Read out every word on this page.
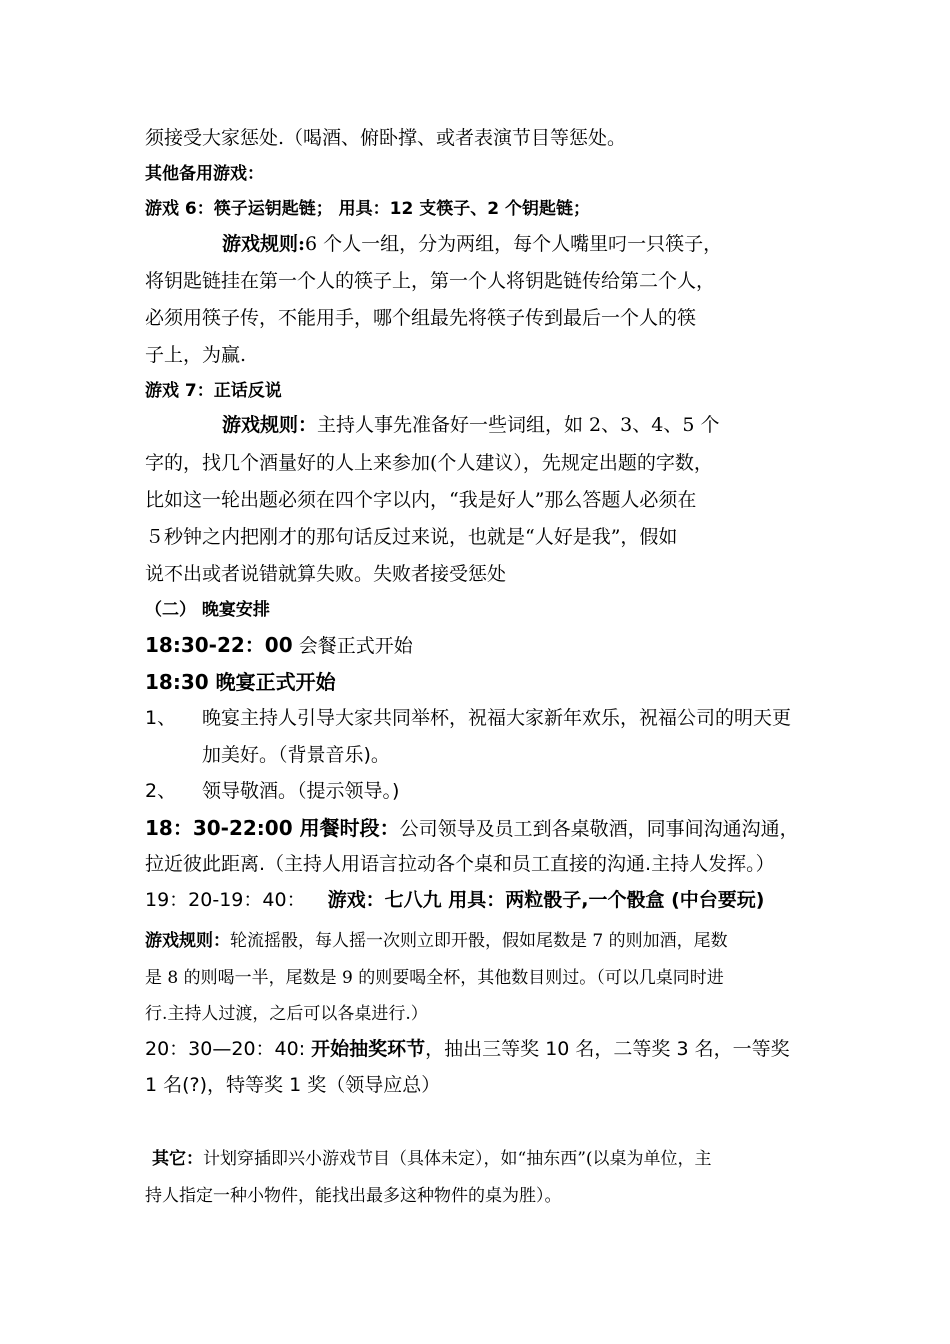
须接受大家惩处.（喝酒、俯卧撑、或者表演节目等惩处。
其他备用游戏：
游戏 6：筷子运钥匙链； 用具：12 支筷子、2 个钥匙链；
游戏规则:6 个人一组，分为两组，每个人嘴里叼一只筷子，
将钥匙链挂在第一个人的筷子上，第一个人将钥匙链传给第二个人，
必须用筷子传，不能用手，哪个组最先将筷子传到最后一个人的筷
子上，为赢.
游戏 7：正话反说
游戏规则：主持人事先准备好一些词组，如 2、3、4、5 个
字的，找几个酒量好的人上来参加(个人建议），先规定出题的字数，
比如这一轮出题必须在四个字以内，“我是好人”那么答题人必须在
５秒钟之内把刚才的那句话反过来说，也就是“人好是我”，假如
说不出或者说错就算失败。失败者接受惩处
（二） 晚宴安排
18:30-22：00 会餐正式开始
18:30 晚宴正式开始
1、 晚宴主持人引导大家共同举杯，祝福大家新年欢乐，祝福公司的明天更
加美好。（背景音乐)。
2、 领导敬酒。（提示领导。)
18：30-22:00 用餐时段：公司领导及员工到各桌敬酒，同事间沟通沟通，
拉近彼此距离.（主持人用语言拉动各个桌和员工直接的沟通.主持人发挥。）
19：20-19：40： 游戏：七八九 用具：两粒骰子,一个骰盒 (中台要玩)
游戏规则：轮流摇骰，每人摇一次则立即开骰，假如尾数是 7 的则加酒，尾数
是 8 的则喝一半，尾数是 9 的则要喝全杯，其他数目则过。（可以几桌同时进
行.主持人过渡，之后可以各桌进行.）
20：30—20：40: 开始抽奖环节，抽出三等奖 10 名，二等奖 3 名，一等奖
1 名(?)，特等奖 1 奖（领导应总）
其它：计划穿插即兴小游戏节目（具体未定），如“抽东西”(以桌为单位，主
持人指定一种小物件，能找出最多这种物件的桌为胜）。
